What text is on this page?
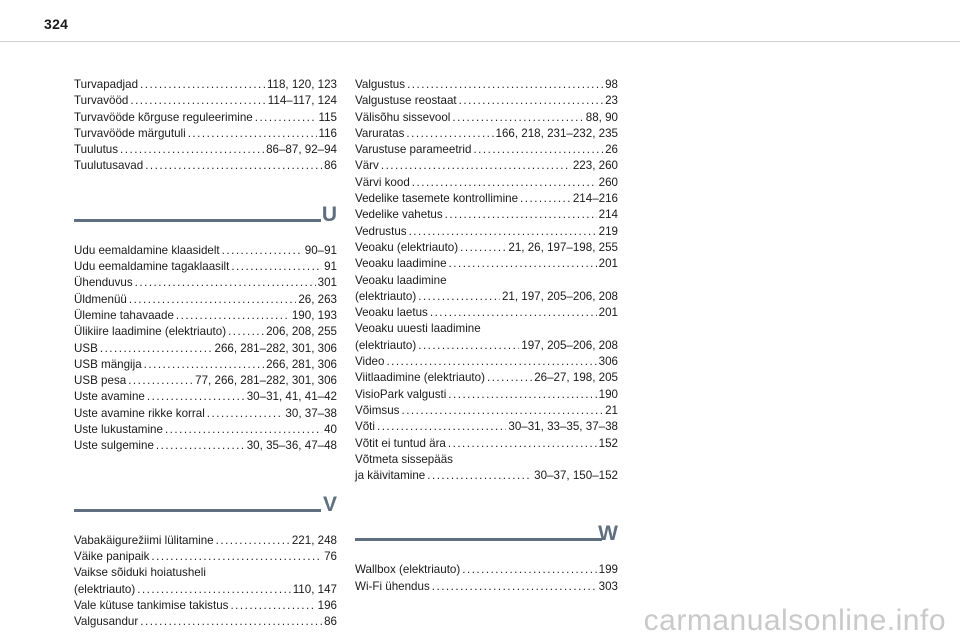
324
Turvapadjad .....	118, 120, 123
Turvavööd .....	114–117, 124
Turvavööde kõrguse reguleerimine .....	115
Turvavööde märgutuli .....	116
Tuulutus .....	86–87, 92–94
Tuulutusavad .....	86
U
Udu eemaldamine klaasidelt .....	90–91
Udu eemaldamine tagaklaasilt .....	91
Ühenduvus .....	301
Üldmenüü .....	26, 263
Ülemine tahavaade .....	190, 193
Ülikiire laadimine (elektriauto) .....	206, 208, 255
USB .....	266, 281–282, 301, 306
USB mängija .....	266, 281, 306
USB pesa .....	77, 266, 281–282, 301, 306
Uste avamine .....	30–31, 41, 41–42
Uste avamine rikke korral .....	30, 37–38
Uste lukustamine .....	40
Uste sulgemine .....	30, 35–36, 47–48
V
Vabakäigurežiimi lülitamine .....	221, 248
Väike panipaik .....	76
Vaikse sõiduki hoiatusheli
(elektriauto) .....	110, 147
Vale kütuse tankimise takistus .....	196
Valgusandur .....	86
Valgustus .....	98
Valgustuse reostaat .....	23
Välisõhu sissevool .....	88, 90
Varuratas .....	166, 218, 231–232, 235
Varustuse parameetrid .....	26
Värv .....	223, 260
Värvi kood .....	260
Vedelike tasemete kontrollimine .....	214–216
Vedelike vahetus .....	214
Vedrustus .....	219
Veoaku (elektriauto) .....	21, 26, 197–198, 255
Veoaku laadimine .....	201
Veoaku laadimine
(elektriauto) .....	21, 197, 205–206, 208
Veoaku laetus .....	201
Veoaku uuesti laadimine
(elektriauto) .....	197, 205–206, 208
Video .....	306
Viitlaadimine (elektriauto) .....	26–27, 198, 205
VisioPark valgusti .....	190
Võimsus .....	21
Võti .....	30–31, 33–35, 37–38
Võtit ei tuntud ära .....	152
Võtmeta sissepääs
ja käivitamine .....	30–37, 150–152
W
Wallbox (elektriauto) .....	199
Wi-Fi ühendus .....	303
carmanualsonline.info
